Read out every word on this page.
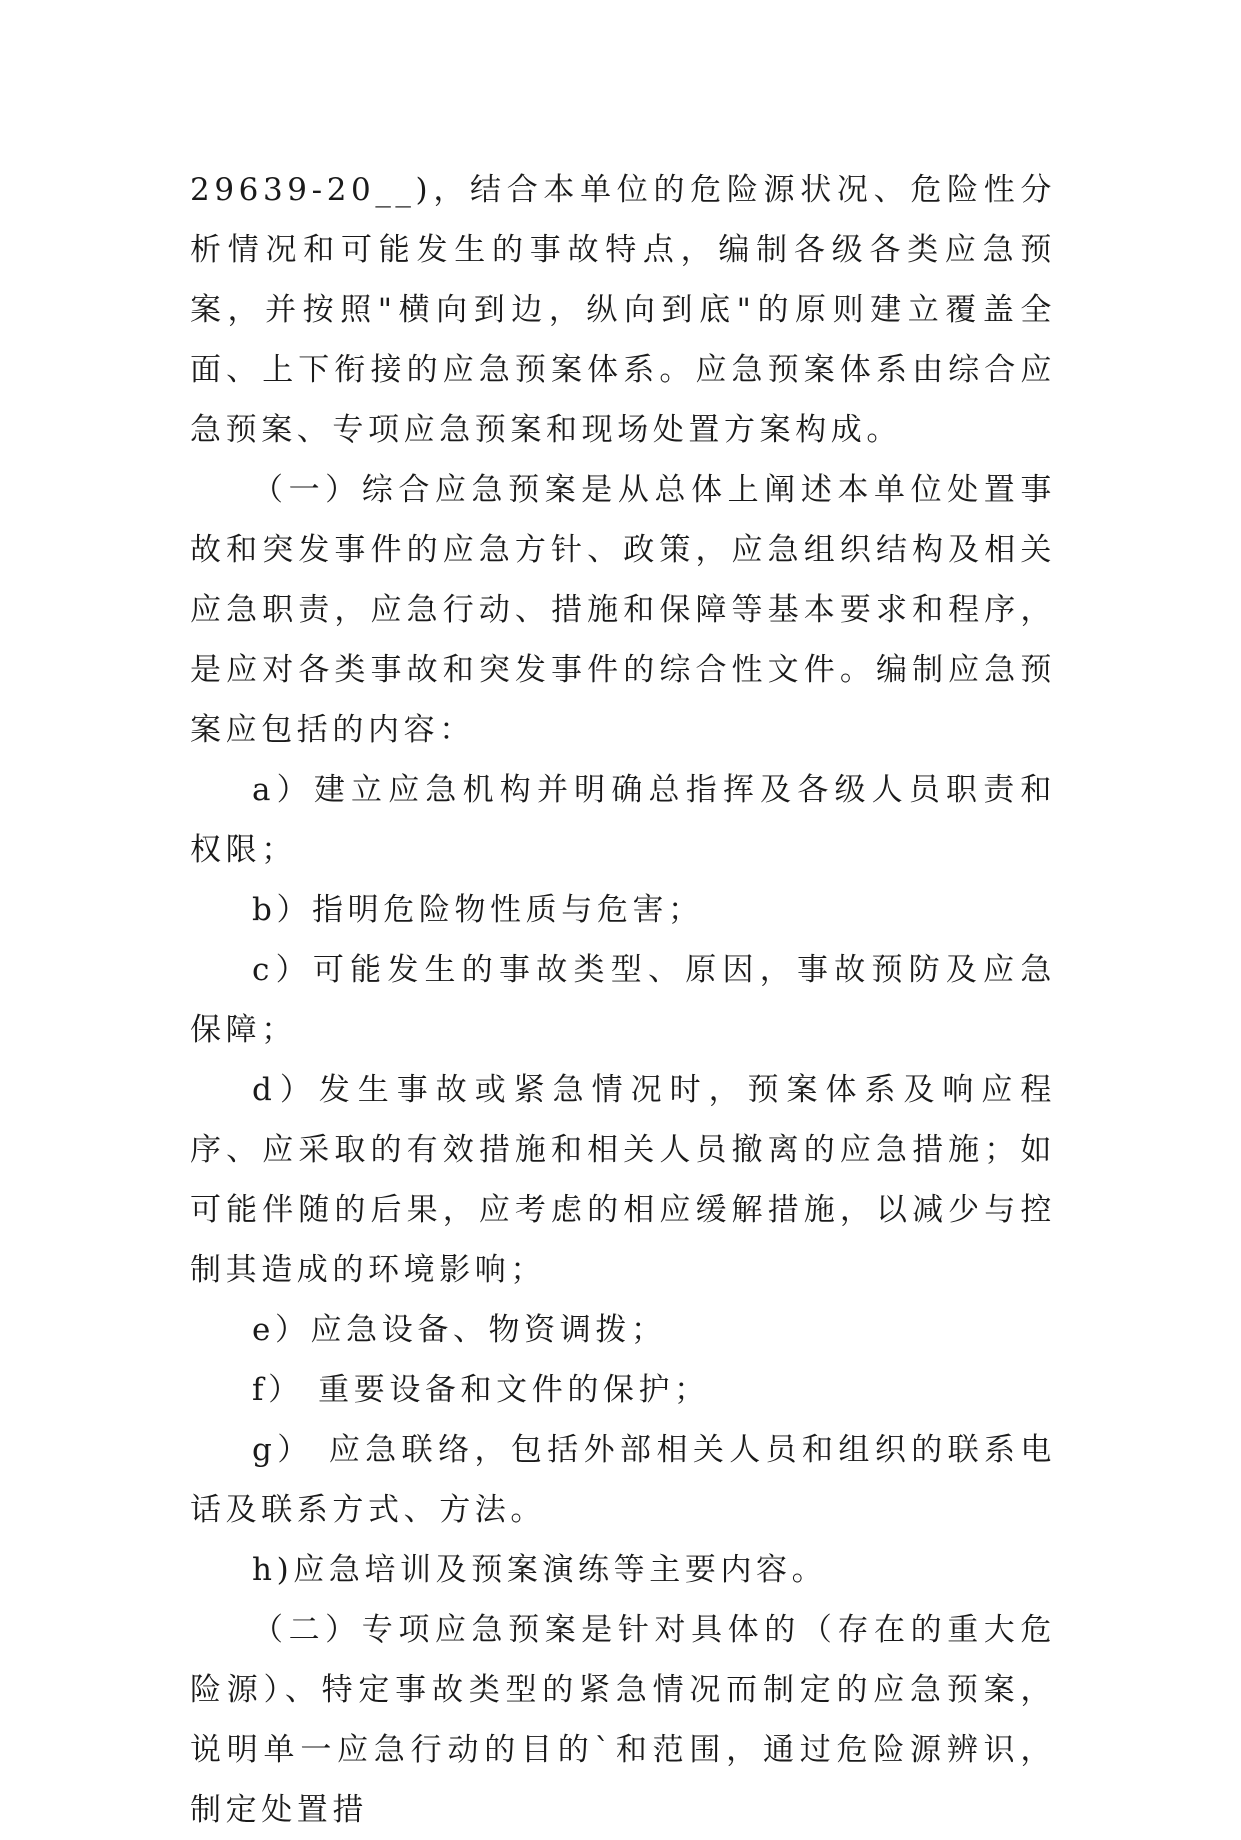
29639-20__)，结合本单位的危险源状况、危险性分析情况和可能发生的事故特点，编制各级各类应急预案，并按照"横向到边，纵向到底"的原则建立覆盖全面、上下衔接的应急预案体系。应急预案体系由综合应急预案、专项应急预案和现场处置方案构成。

（一）综合应急预案是从总体上阐述本单位处置事故和突发事件的应急方针、政策，应急组织结构及相关应急职责，应急行动、措施和保障等基本要求和程序，是应对各类事故和突发事件的综合性文件。编制应急预案应包括的内容：

a）建立应急机构并明确总指挥及各级人员职责和权限；

b）指明危险物性质与危害；

c）可能发生的事故类型、原因，事故预防及应急保障；

d）发生事故或紧急情况时，预案体系及响应程序、应采取的有效措施和相关人员撤离的应急措施；如可能伴随的后果，应考虑的相应缓解措施，以减少与控制其造成的环境影响；

e）应急设备、物资调拨；

f） 重要设备和文件的保护；

g） 应急联络，包括外部相关人员和组织的联系电话及联系方式、方法。

h)应急培训及预案演练等主要内容。

（二）专项应急预案是针对具体的（存在的重大危险源）、特定事故类型的紧急情况而制定的应急预案，说明单一应急行动的目的`和范围，通过危险源辨识，制定处置措
